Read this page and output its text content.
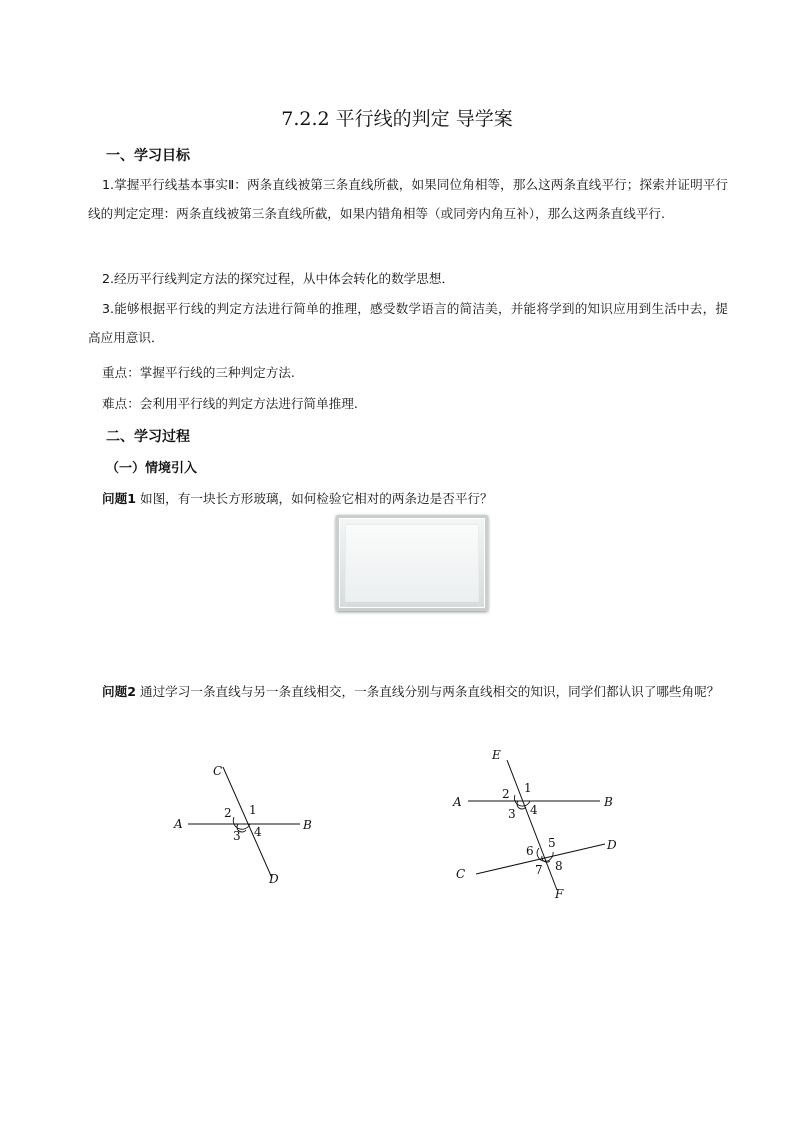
7.2.2 平行线的判定 导学案
一、学习目标
1.掌握平行线基本事实Ⅱ：两条直线被第三条直线所截，如果同位角相等，那么这两条直线平行；探索并证明平行线的判定定理：两条直线被第三条直线所截，如果内错角相等（或同旁内角互补），那么这两条直线平行.
2.经历平行线判定方法的探究过程，从中体会转化的数学思想．
3.能够根据平行线的判定方法进行简单的推理，感受数学语言的简洁美，并能将学到的知识应用到生活中去，提高应用意识．
重点：掌握平行线的三种判定方法.
难点：会利用平行线的判定方法进行简单推理.
二、学习过程
（一）情境引入
问题1 如图，有一块长方形玻璃，如何检验它相对的两条边是否平行？
问题2 通过学习一条直线与另一条直线相交，一条直线分别与两条直线相交的知识，同学们都认识了哪些角呢？
C
A	B
D
1
2
3 4
E
A	B
D
C
F
1
2
3 4
5
6
7 8
